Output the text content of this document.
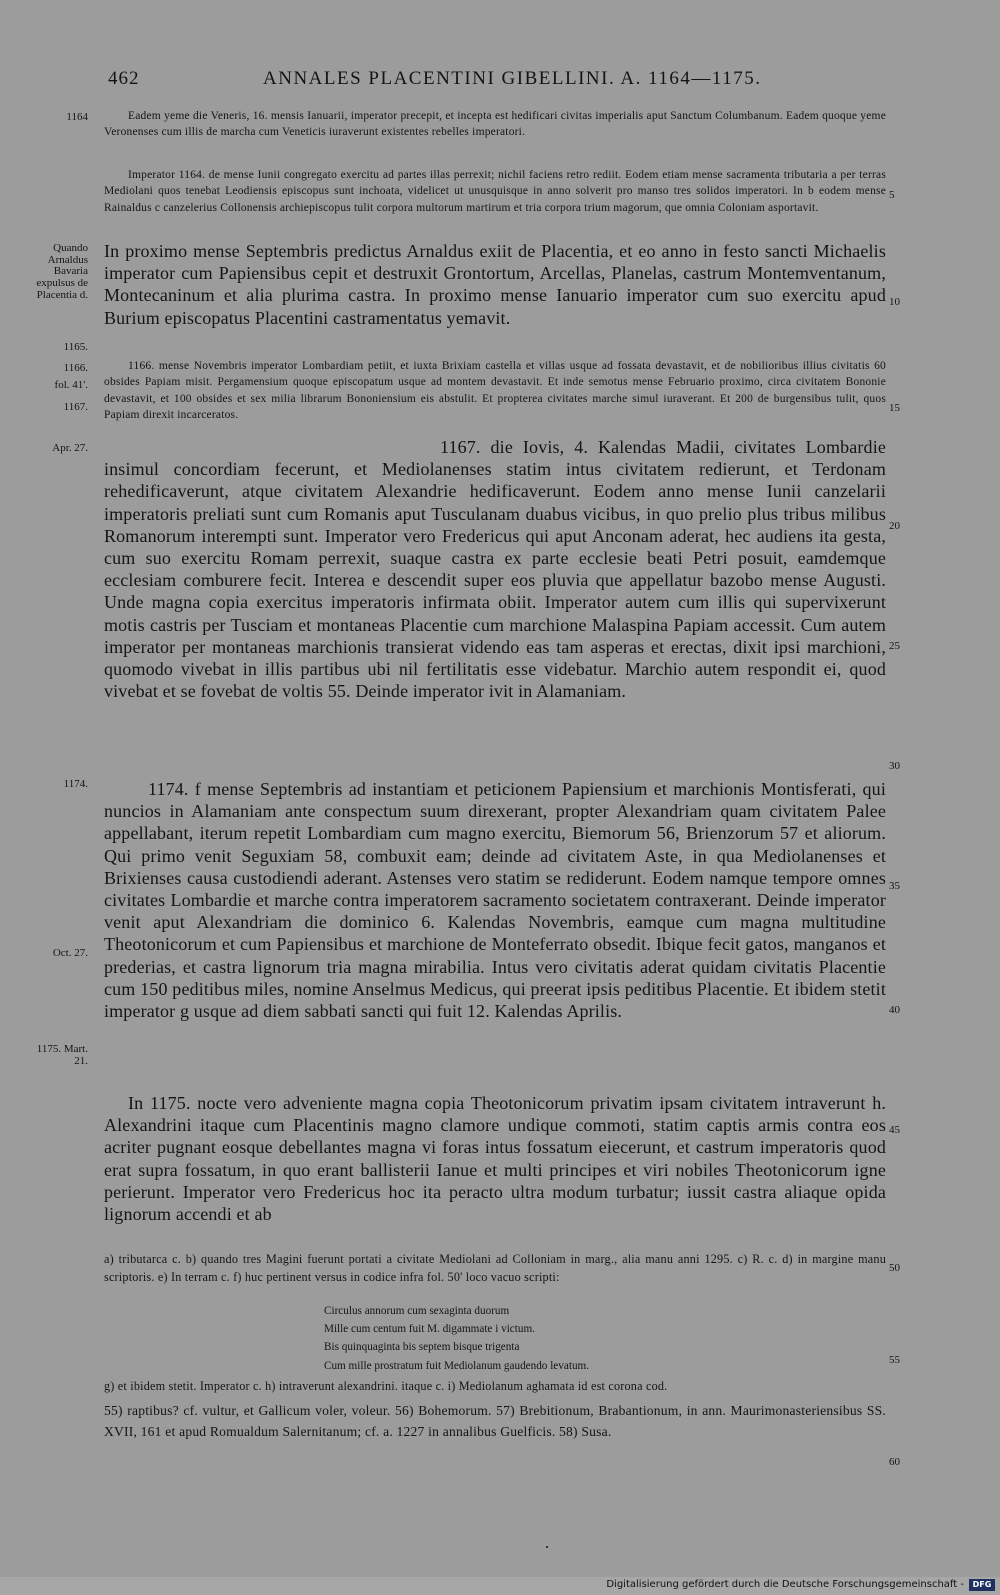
462	ANNALES PLACENTINI GIBELLINI. A. 1164—1175.
Eadem yeme die Veneris, 16. mensis Ianuarii, imperator precepit, et incepta est hedificari civitas imperialis aput Sanctum Columbanum. Eadem quoque yeme Veronenses cum illis de marcha cum Veneticis iuraverunt existentes rebelles imperatori.
Imperator 1164. de mense Iunii congregato exercitu ad partes illas perrexit; nichil faciens retro rediit. Eodem etiam mense sacramenta tributaria a per terras Mediolani quos tenebat Leodiensis episcopus sunt inchoata, videlicet ut unusquisque in anno solverit pro manso tres solidos imperatori. In b eodem mense Rainaldus c canzelerius Collonensis archiepiscopus tulit corpora multorum martirum et tria corpora trium magorum, que omnia Coloniam asportavit.
In proximo mense Septembris predictus Arnaldus exiit de Placentia, et eo anno in festo sancti Michaelis imperator cum Papiensibus cepit et destruxit Grontortum, Arcellas, Planelas, castrum Montemventanum, Montecaninum et alia plurima castra. In proximo mense Ianuario imperator cum suo exercitu apud Burium episcopatus Placentini castramentatus yemavit.
1166. mense Novembris imperator Lombardiam petiit, et iuxta Brixiam castella et villas usque ad fossata devastavit, et de nobilioribus illius civitatis 60 obsides Papiam misit. Pergamensium quoque episcopatum usque ad montem devastavit. Et inde semotus mense Februario proximo, circa civitatem Bononie devastavit, et 100 obsides et sex milia librarum Bononiensium eis abstulit. Et propterea civitates marche simul iuraverant. Et 200 de burgensibus tulit, quos Papiam direxit incarceratos.
1167. die Iovis, 4. Kalendas Madii, civitates Lombardie insimul concordiam fecerunt, et Mediolanenses statim intus civitatem redierunt, et Terdonam rehedificaverunt, atque civitatem Alexandrie hedificaverunt. Eodem anno mense Iunii canzelarii imperatoris preliati sunt cum Romanis aput Tusculanam duabus vicibus, in quo prelio plus tribus milibus Romanorum interempti sunt. Imperator vero Fredericus qui aput Anconam aderat, hec audiens ita gesta, cum suo exercitu Romam perrexit, suaque castra ex parte ecclesie beati Petri posuit, eamdemque ecclesiam comburere fecit. Interea e descendit super eos pluvia que appellatur bazobo mense Augusti. Unde magna copia exercitus imperatoris infirmata obiit. Imperator autem cum illis qui supervixerunt motis castris per Tusciam et montaneas Placentie cum marchione Malaspina Papiam accessit. Cum autem imperator per montaneas marchionis transierat videndo eas tam asperas et erectas, dixit ipsi marchioni, quomodo vivebat in illis partibus ubi nil fertilitatis esse videbatur. Marchio autem respondit ei, quod vivebat et se fovebat de voltis 55. Deinde imperator ivit in Alamaniam.
1174. f mense Septembris ad instantiam et peticionem Papiensium et marchionis Montisferati, qui nuncios in Alamaniam ante conspectum suum direxerant, propter Alexandriam quam civitatem Palee appellabant, iterum repetit Lombardiam cum magno exercitu, Biemorum 56, Brienzorum 57 et aliorum. Qui primo venit Seguxiam 58, combuxit eam; deinde ad civitatem Aste, in qua Mediolanenses et Brixienses causa custodiendi aderant. Astenses vero statim se rediderunt. Eodem namque tempore omnes civitates Lombardie et marche contra imperatorem sacramento societatem contraxerant. Deinde imperator venit aput Alexandriam die dominico 6. Kalendas Novembris, eamque cum magna multitudine Theotonicorum et cum Papiensibus et marchione de Monteferrato obsedit. Ibique fecit gatos, manganos et prederias, et castra lignorum tria magna mirabilia. Intus vero civitatis aderat quidam civitatis Placentie cum 150 peditibus miles, nomine Anselmus Medicus, qui preerat ipsis peditibus Placentie. Et ibidem stetit imperator g usque ad diem sabbati sancti qui fuit 12. Kalendas Aprilis.
In 1175. nocte vero adveniente magna copia Theotonicorum privatim ipsam civitatem intraverunt h. Alexandrini itaque cum Placentinis magno clamore undique commoti, statim captis armis contra eos acriter pugnant eosque debellantes magna vi foras intus fossatum eiecerunt, et castrum imperatoris quod erat supra fossatum, in quo erant ballisterii Ianue et multi principes et viri nobiles Theotonicorum igne perierunt. Imperator vero Fredericus hoc ita peracto ultra modum turbatur; iussit castra aliaque opida lignorum accendi et ab
a) tributarca c. b) quando tres Magini fuerunt portati a civitate Mediolani ad Colloniam in marg., alia manu anni 1295. c) R. c. d) in margine manu scriptoris. e) In terram c. f) huc pertinent versus in codice infra fol. 50' loco vacuo scripti:
Circulus annorum cum sexaginta duorum
Mille cum centum fuit M. digammate i victum.
Bis quinquaginta bis septem bisque trigenta
Cum mille prostratum fuit Mediolanum gaudendo levatum.
g) et ibidem stetit. Imperator c. h) intraverunt alexandrini. itaque c. i) Mediolanum aghamata id est corona cod.
55) raptibus? cf. vultur, et Gallicum voler, voleur. 56) Bohemorum. 57) Brebitionum, Brabantionum, in ann. Maurimonasteriensibus SS. XVII, 161 et apud Romualdum Salernitanum; cf. a. 1227 in annalibus Guelficis. 58) Susa.
1164
Quando Arnaldus Bavaria expulsus de Placentia d.
1165.
1166.
fol. 41'.
1167.
Apr. 27.
1174.
Oct. 27.
1175. Mart. 21.
5
10
15
20
25
30
35
40
45
50
55
60
Digitalisierung gefördert durch die Deutsche Forschungsgemeinschaft -	DFG
